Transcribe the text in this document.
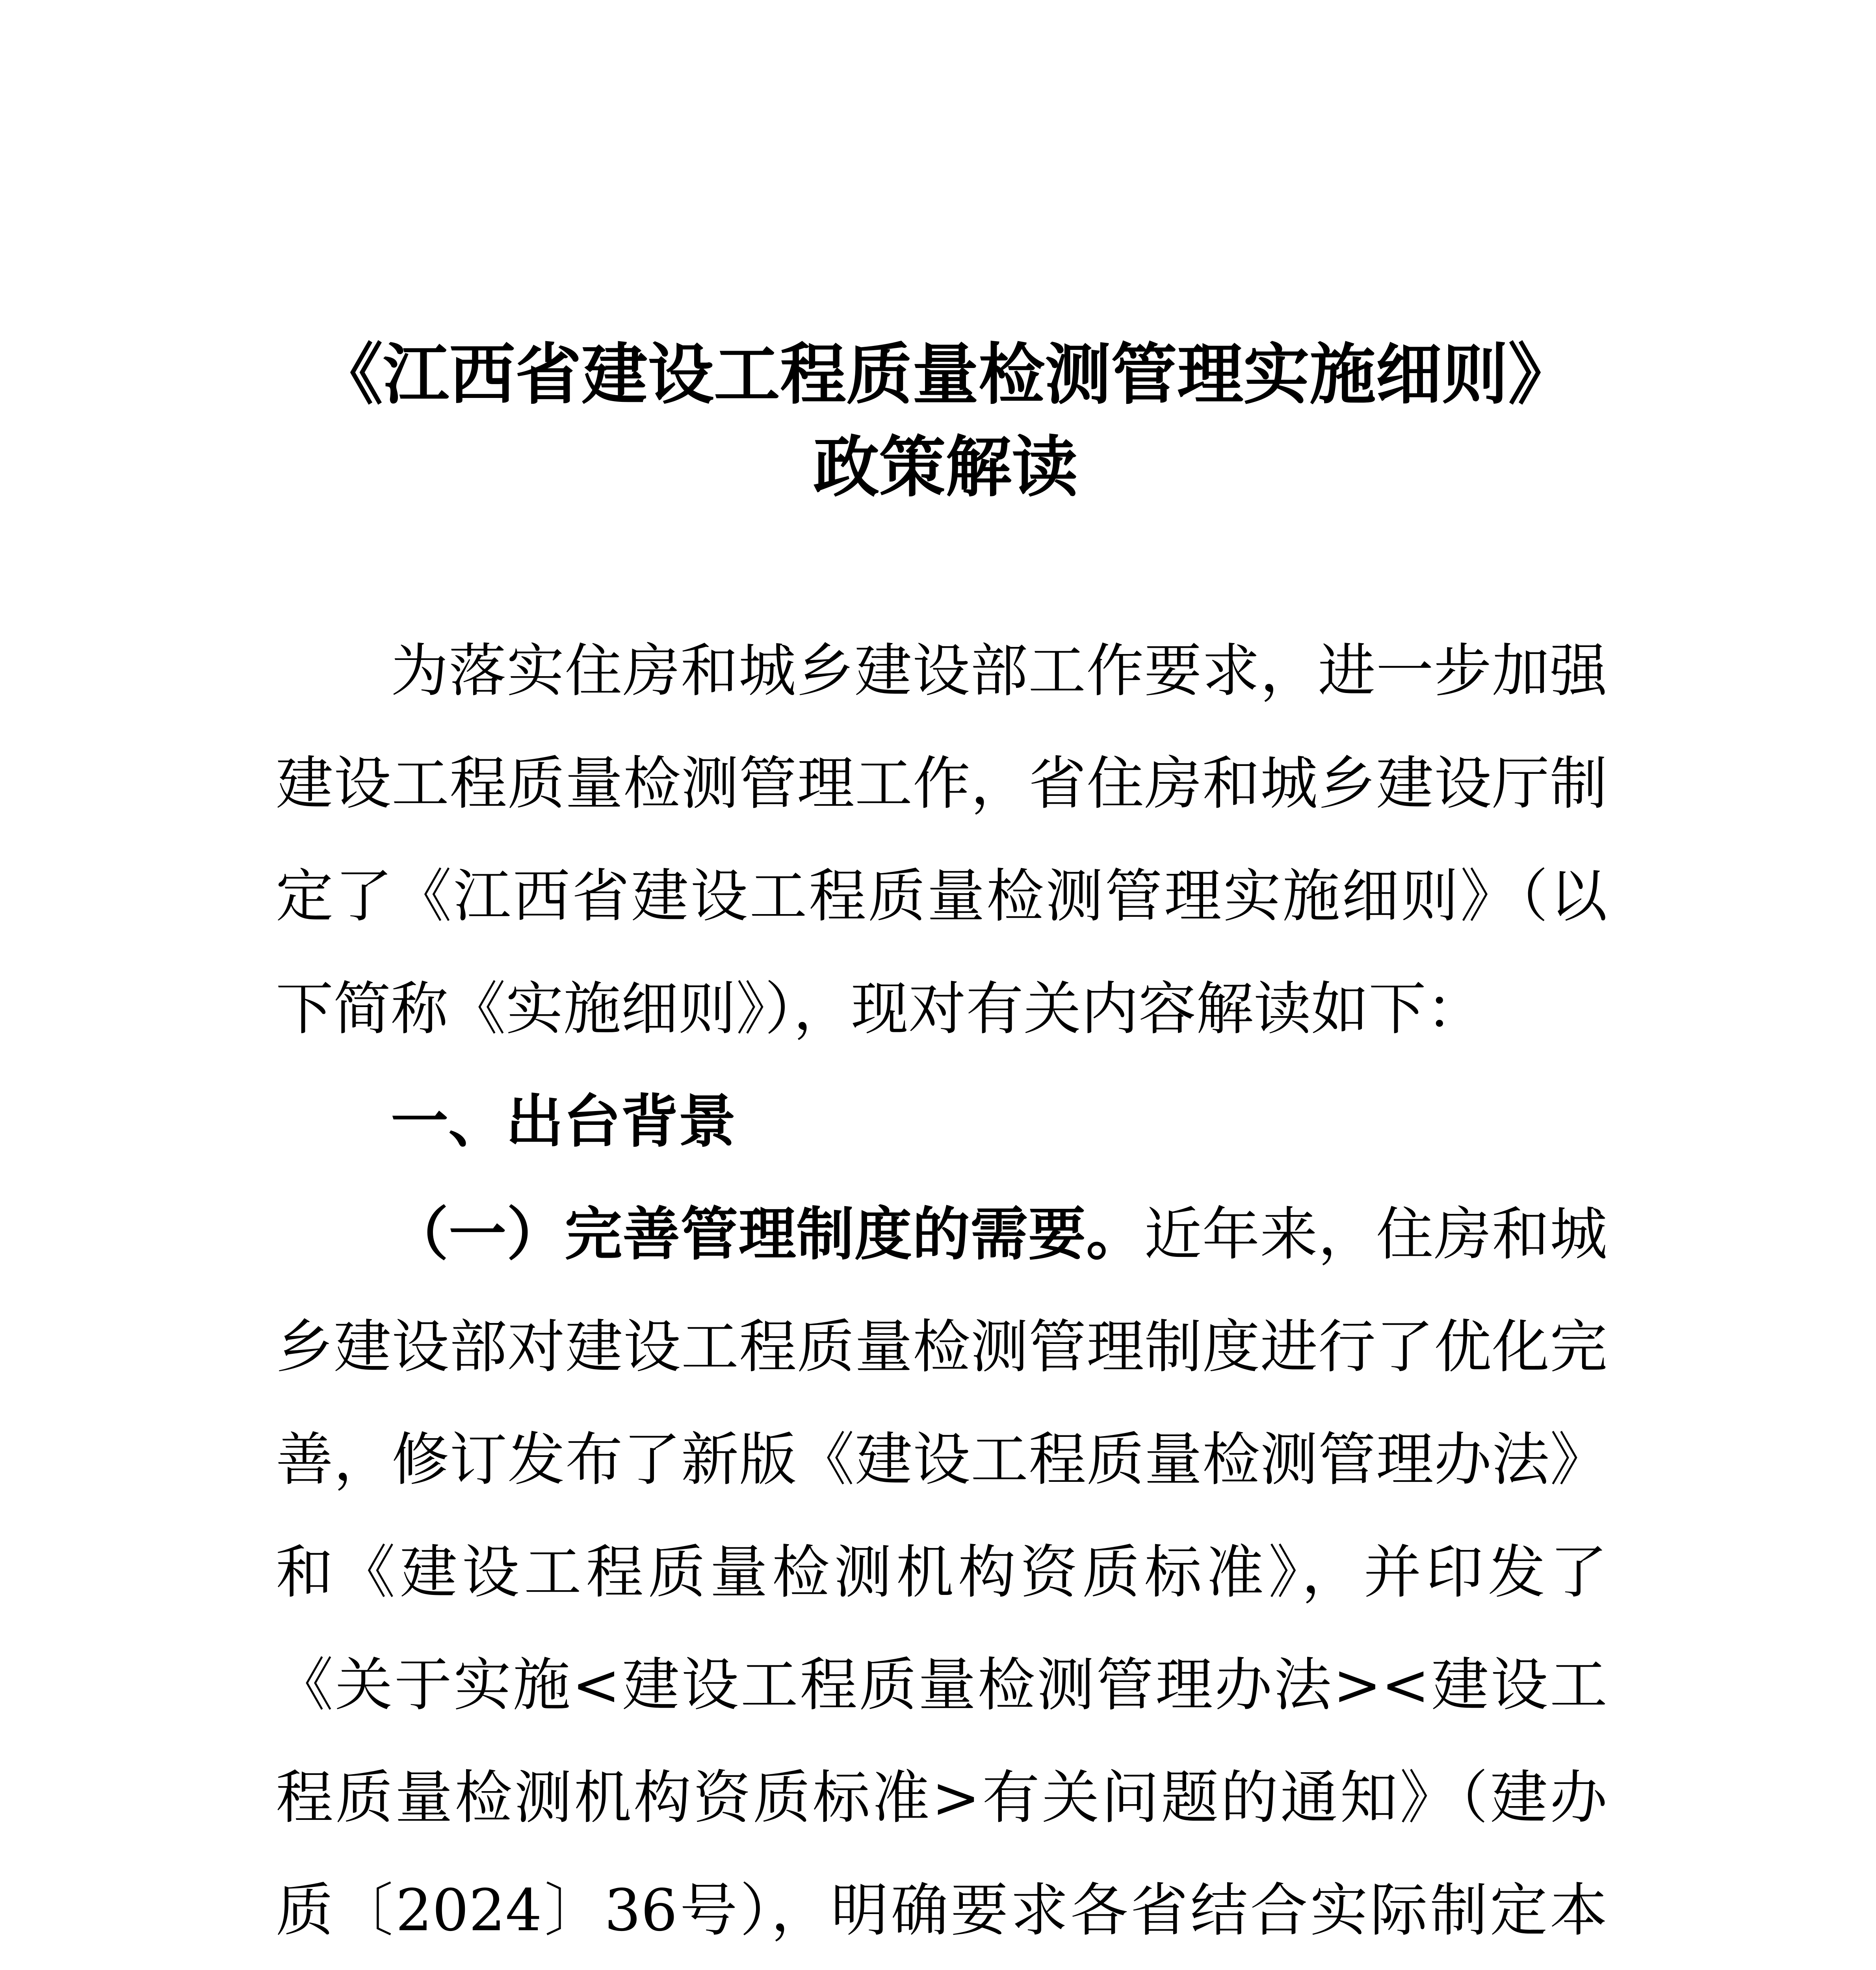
《江西省建设工程质量检测管理实施细则》
政策解读

为落实住房和城乡建设部工作要求，进一步加强建设工程质量检测管理工作，省住房和城乡建设厅制定了《江西省建设工程质量检测管理实施细则》（以下简称《实施细则》），现对有关内容解读如下：

一、出台背景

（一）完善管理制度的需要。近年来，住房和城乡建设部对建设工程质量检测管理制度进行了优化完善，修订发布了新版《建设工程质量检测管理办法》和《建设工程质量检测机构资质标准》，并印发了《关于实施<建设工程质量检测管理办法><建设工程质量检测机构资质标准>有关问题的通知》（建办质〔2024〕36号），明确要求各省结合实际制定本
